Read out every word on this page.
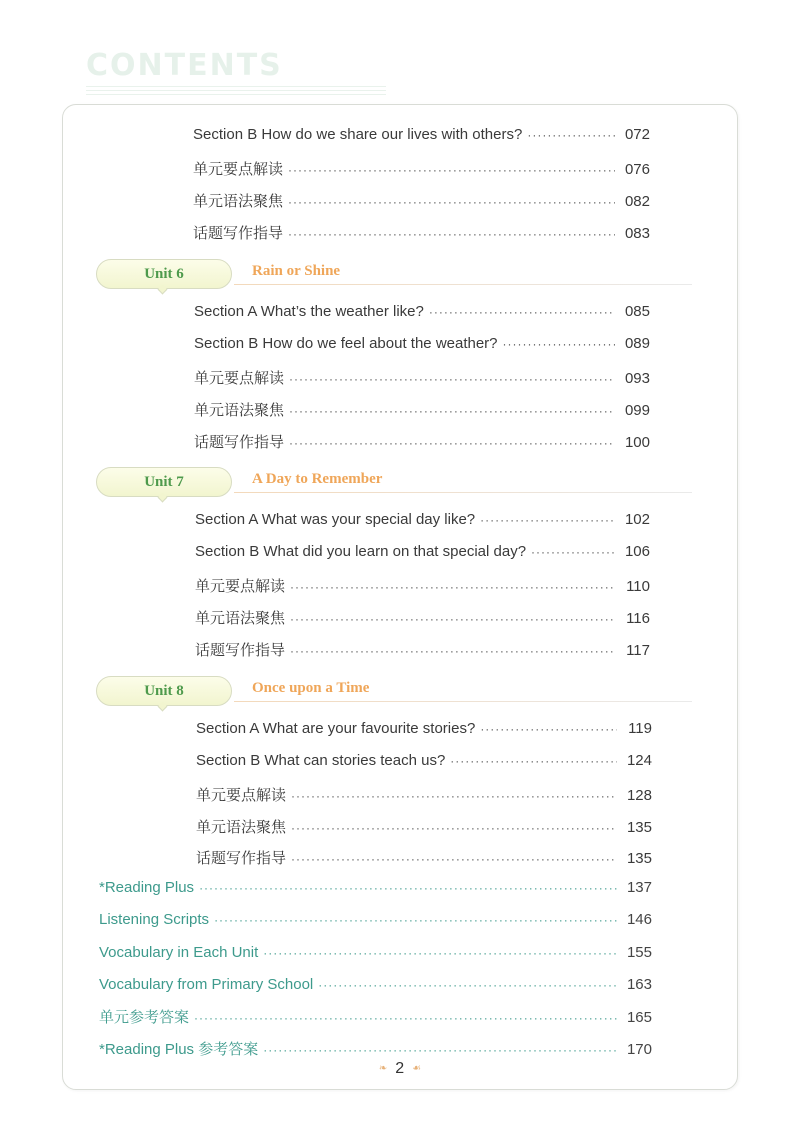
CONTENTS
Section B How do we share our lives with others? ·····	072
单元要点解读 ·····	076
单元语法聚焦 ·····	082
话题写作指导 ·····	083
Unit 6	Rain or Shine
Section A What’s the weather like? ·····	085
Section B How do we feel about the weather? ·····	089
单元要点解读 ·····	093
单元语法聚焦 ·····	099
话题写作指导 ·····	100
Unit 7	A Day to Remember
Section A What was your special day like? ·····	102
Section B What did you learn on that special day? ·····	106
单元要点解读 ·····	110
单元语法聚焦 ·····	116
话题写作指导 ·····	117
Unit 8	Once upon a Time
Section A What are your favourite stories? ·····	119
Section B What can stories teach us? ·····	124
单元要点解读 ·····	128
单元语法聚焦 ·····	135
话题写作指导 ·····	135
*Reading Plus ·····	137
Listening Scripts ·····	146
Vocabulary in Each Unit ·····	155
Vocabulary from Primary School ·····	163
单元参考答案 ·····	165
*Reading Plus 参考答案 ·····	170
❧ 2 ☙
